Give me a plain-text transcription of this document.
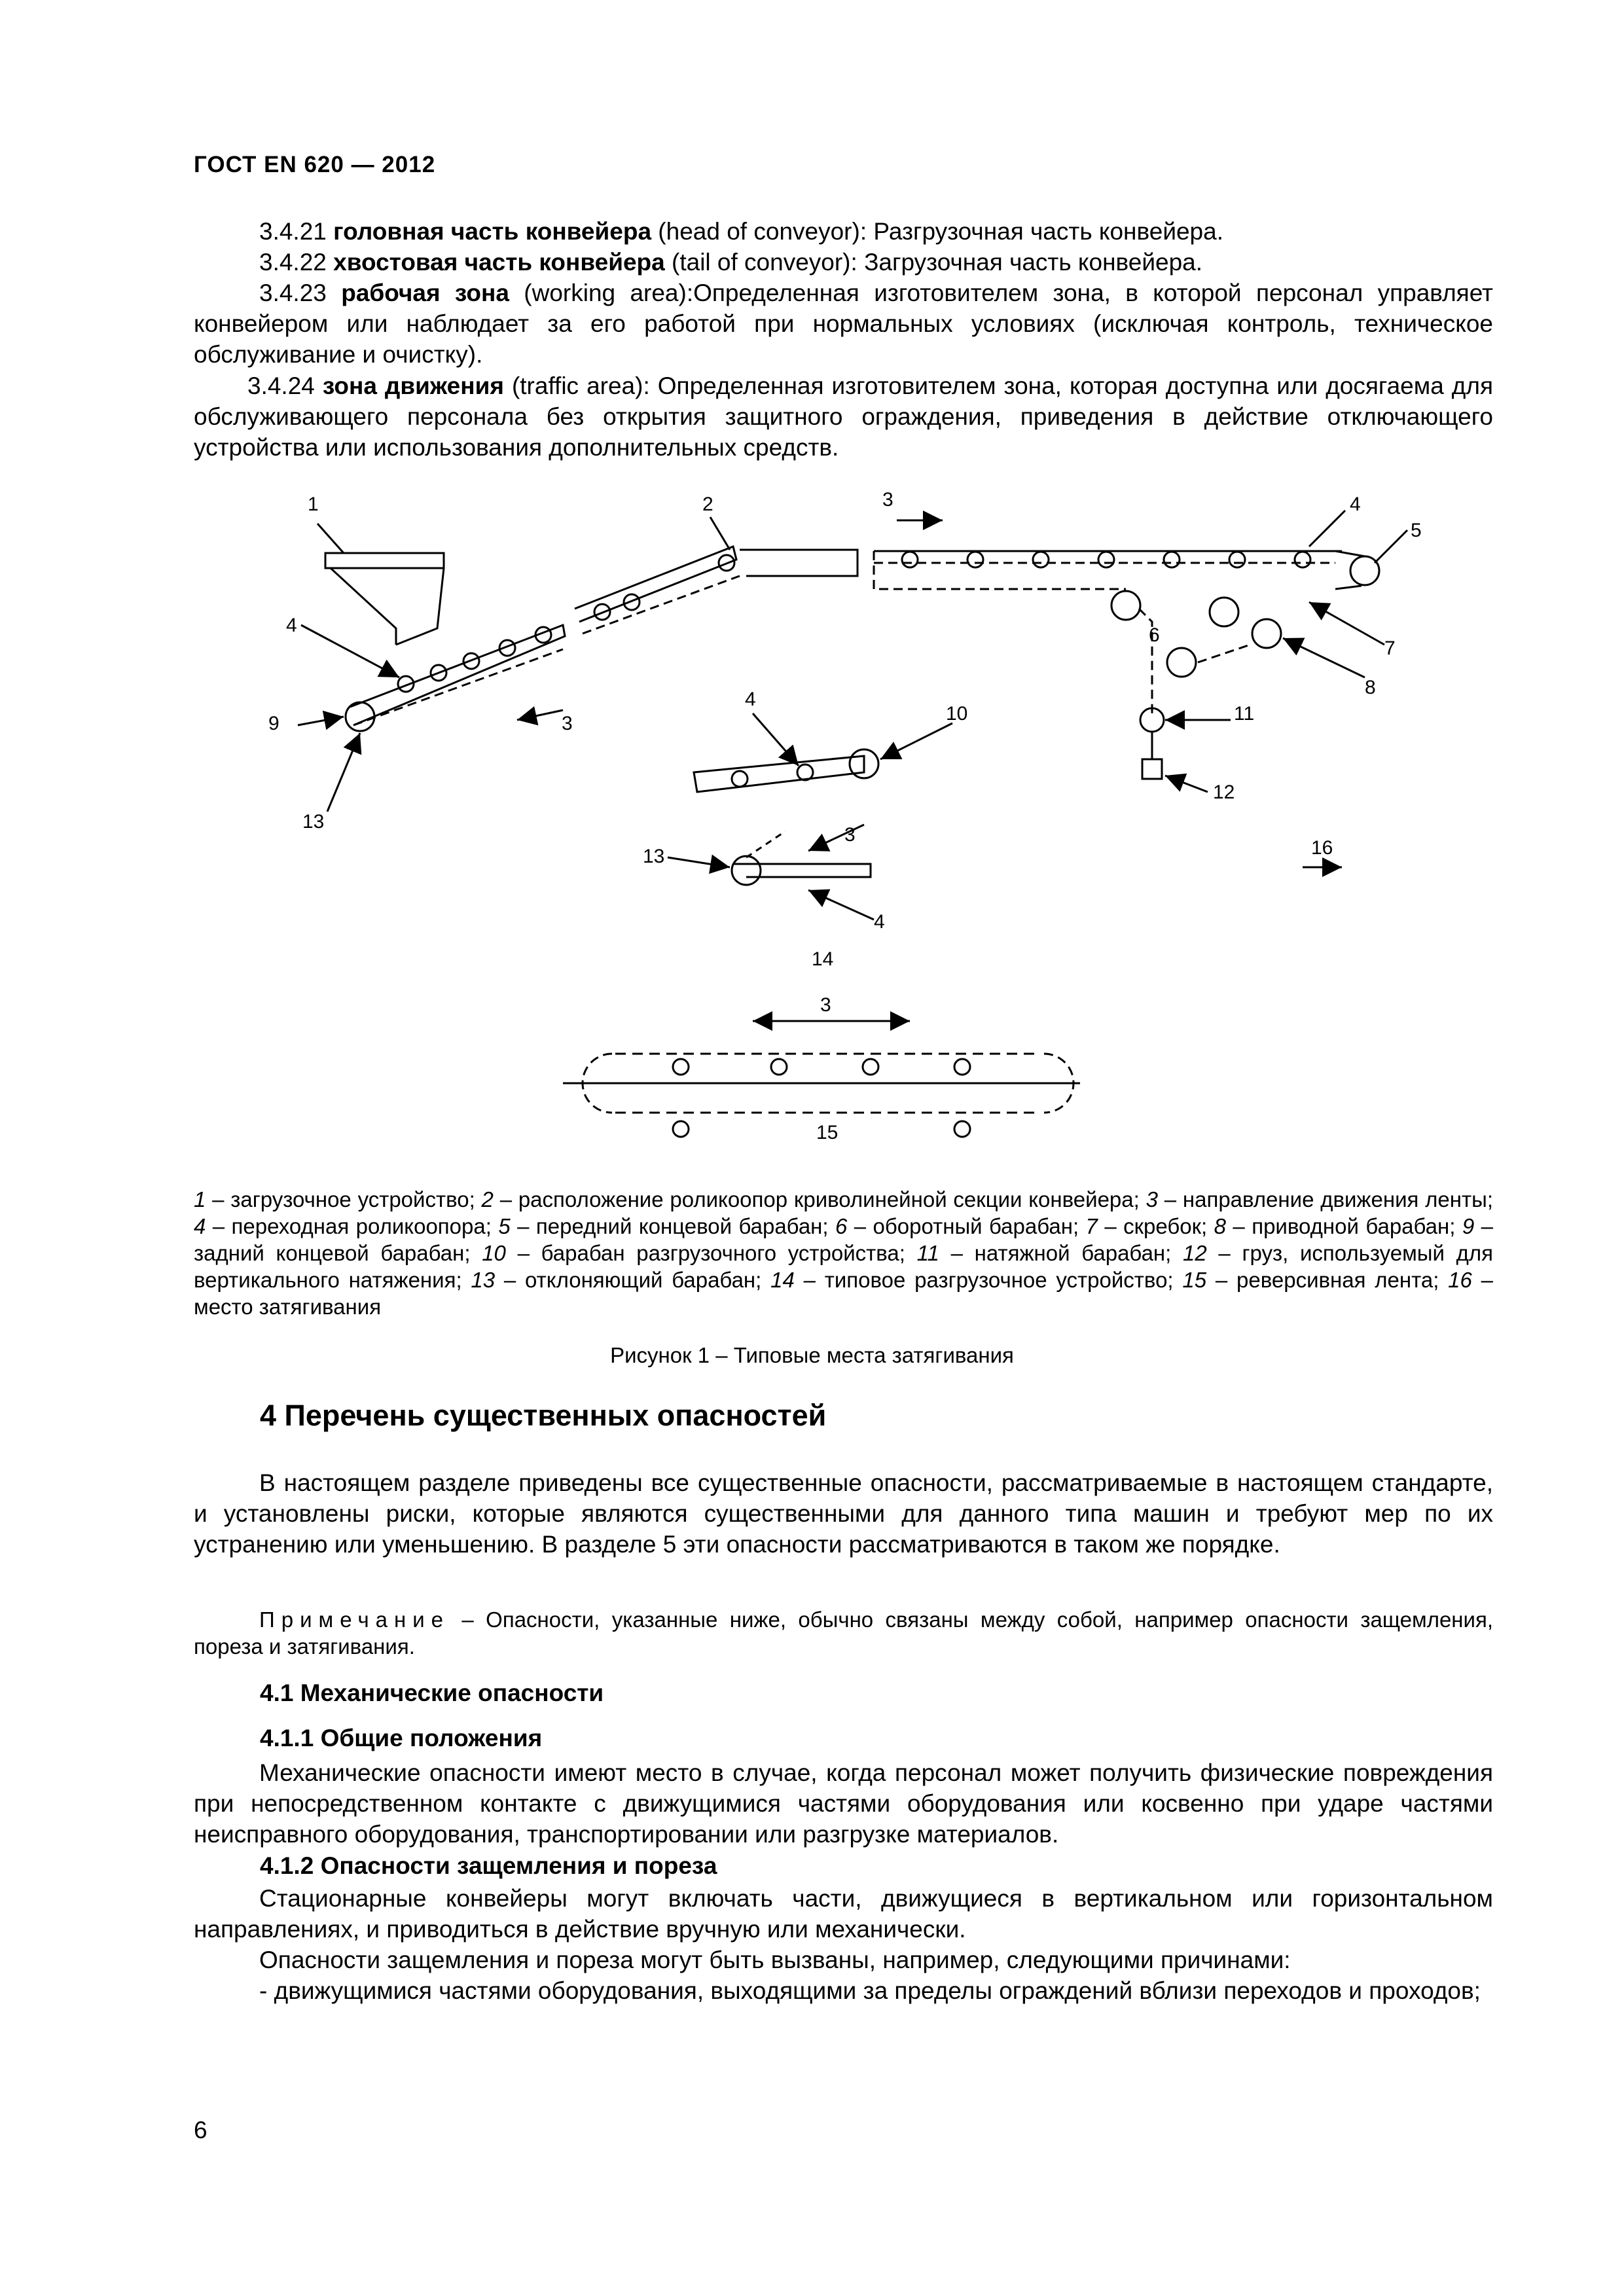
ГОСТ EN 620 — 2012

3.4.21 головная часть конвейера (head of conveyor): Разгрузочная часть конвейера.

3.4.22 хвостовая часть конвейера (tail of conveyor): Загрузочная часть конвейера.

3.4.23 рабочая зона (working area):Определенная изготовителем зона, в которой персонал управляет конвейером или наблюдает за его работой при нормальных условиях (исключая контроль, техническое обслуживание и очистку).

3.4.24 зона движения (traffic area): Определенная изготовителем зона, которая доступна или досягаема для обслуживающего персонала без открытия защитного ограждения, приведения в действие отключающего устройства или использования дополнительных средств.

1	2	3	4
5
6
7
8
9	10	11
12
13
13
4
4
4
3
3
14
3
15
16

1 – загрузочное устройство; 2 – расположение роликоопор криволинейной секции конвейера; 3 – направление движения ленты; 4 – переходная роликоопора; 5 – передний концевой барабан; 6 – оборотный барабан; 7 – скребок; 8 – приводной барабан; 9 – задний концевой барабан; 10 – барабан разгрузочного устройства; 11 – натяжной барабан; 12 – груз, используемый для вертикального натяжения; 13 – отклоняющий барабан; 14 – типовое разгрузочное устройство; 15 – реверсивная лента; 16 – место затягивания

Рисунок 1 – Типовые места затягивания
4 Перечень существенных опасностей

В настоящем разделе приведены все существенные опасности, рассматриваемые в настоящем стандарте, и установлены риски, которые являются существенными для данного типа машин и требуют мер по их устранению или уменьшению. В разделе 5 эти опасности рассматриваются в таком же порядке.

Примечание – Опасности, указанные ниже, обычно связаны между собой, например опасности защемления, пореза и затягивания.

4.1 Механические опасности
4.1.1 Общие положения

Механические опасности имеют место в случае, когда персонал может получить физические повреждения при непосредственном контакте с движущимися частями оборудования или косвенно при ударе частями неисправного оборудования, транспортировании или разгрузке материалов.

4.1.2 Опасности защемления и пореза

Стационарные конвейеры могут включать части, движущиеся в вертикальном или горизонтальном направлениях, и приводиться в действие вручную или механически.

Опасности защемления и пореза могут быть вызваны, например, следующими причинами:

- движущимися частями оборудования, выходящими за пределы ограждений вблизи переходов и проходов;

6
